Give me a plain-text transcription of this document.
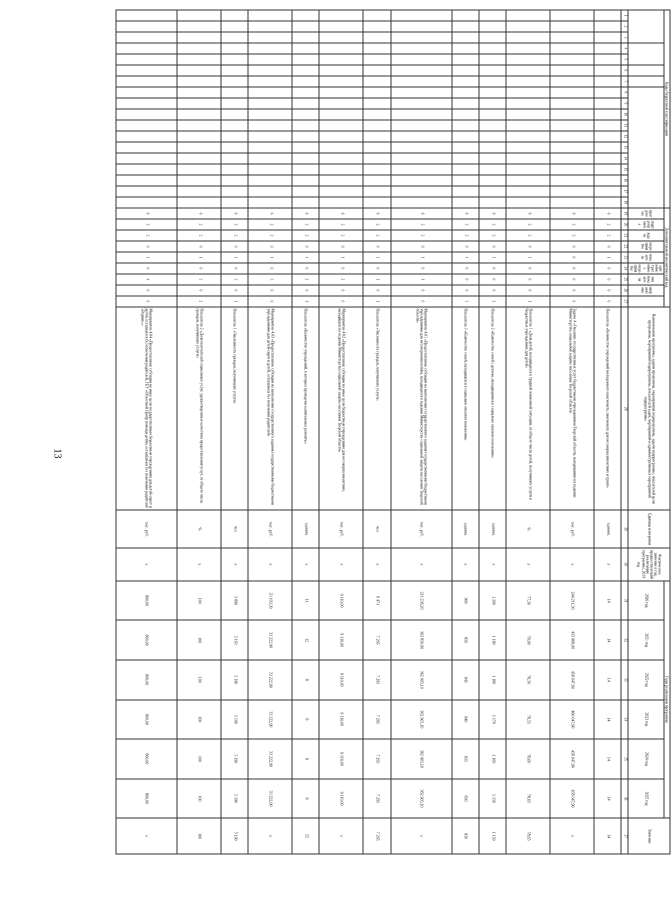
13
Коды бюджетной классификации																		Дополнительный аналитический код									Наименование программы, задачи программы, мероприятия подпрограммы, задачи подпрограммы, показателей цели программы, мероприятий подпрограммы, показателей задач, мероприятий и административных мероприятий подпрограммы	Единица измерения	Фактическое значение в год, предшествующий реализации программы, 2019 год	Годы реализации программы						Значение
																		программа	подпрограмма	задача	мероприятие	показатель	административное мероприятие	тип показателя	направление					2020 год	2021 год	2022 год	2023 год	2024 год	2025 год	

1	2	3	4	5	6	7	8	9	10	11	12	13	14	15	16	17	18	19	20	21	22	23	24	25	26	27	28	29	30	31	32	33	34	35	36	37
																		6	2	2	0	1	0	0	0	0	Показатель «Количество учреждений молодежного пансионата, пансионата для несовершеннолетних и групп»	единиц	х	14	14	14	14	14	14	14
																		6	2	2	0	0	0	0	0	0	Задача 4 «Оказание государственных услуг бюджетными учреждениями Тверской области, находящимися в ведении Министерства социальной защиты населения Тверской области»	тыс. руб.	х	244 211,30	435 968,00	458 047,90	466 047,90	458 047,90	458 047,90	х
																		6	2	2	0	1	0	0	0	1	Показатель 1 «Доля детей, находящихся в трудной жизненной ситуации, от общего числа детей, получивших услуги в бюджетных учреждениях для детей»	%	х	77,50	78,00	78,50	78,55	78,60	78,65	78,65
																		6	2	2	0	1	0	0	0	2	Показатель 2 «Количество семей с детьми, находящимися в социально опасном положении»	единиц	х	1 200	1 180	1 180	1 170	1 160	1 150	1 150
																		6	2	2	0	1	0	0	0	3	Показатель 3 «Количество семей, находящихся в социально опасном положении»	единиц	х	900	850	845	840	835	830	830
																		6	2	2	0	1	0	1	0	0	Мероприятие 4.01 «Предоставление субсидии на выполнение государственного задания государственными бюджетными учреждениями для несовершеннолетних, находящихся в ведении Министерства социальной защиты населения Тверской области»	тыс. руб.	х	211 238,20	362 850,00	362 905,10	362 905,10	362 905,10	362 905,10	х
																		6	2	2	0	1	0	1	0	1	Показатель «Численность граждан, получивших услуги»	чел	х	6 471	7 295	7 295	7 295	7 295	7 295	7 295
																		6	2	2	0	1	0	2	0	0	Мероприятие 4.02 «Предоставление субсидии на иные цели бюджетным учреждениям для несовершеннолетних, находящихся в ведении Министерства социальной защиты населения Тверской области»	тыс. руб.	х	9 110,00	9 110,00	9 110,00	9 110,00	9 110,00	9 110,00	х
																		6	2	2	0	1	0	2	0	1	Показатель «Количество учреждений, в которых проведены капитальные ремонты»	единиц	х	11	12	8	8	8	8	55
																		6	2	2	0	1	0	3	0	0	Мероприятие 4.03 «Предоставление субсидии на выполнение государственного задания государственными бюджетными учреждениями для детей-сирот и детей, оставшихся без попечения родителей»	тыс. руб.	х	23 103,30	33 222,90	33 222,90	33 222,90	33 222,90	33 222,90	х
																		6	2	2	0	1	0	3	0	1	Показатель 1 «Численность граждан, получивших услуги»	чел	х	3 890	5 193	5 190	5 190	5 190	5 190	5 190
																		6	2	2	0	1	0	3	0	2	Показатель 2 «Доля получателей социальных услуг, удовлетворенных качеством предоставления услуг, от общего числа граждан, получивших услуги»	%	х	100	100	100	100	100	100	100
																		6	2	2	0	1	0	4	0	0	Мероприятие 4.04 «Предоставление субсидии на иные цели государственным бюджетным учреждениям для детей-сирот и детей, оставшихся без попечения родителей, ГБУ «Областной Центр помощи детям, оставшимся без попечения родителей «Родник»»	тыс. руб.	х	800,00	800,00	800,00	800,00	800,00	800,00	х
